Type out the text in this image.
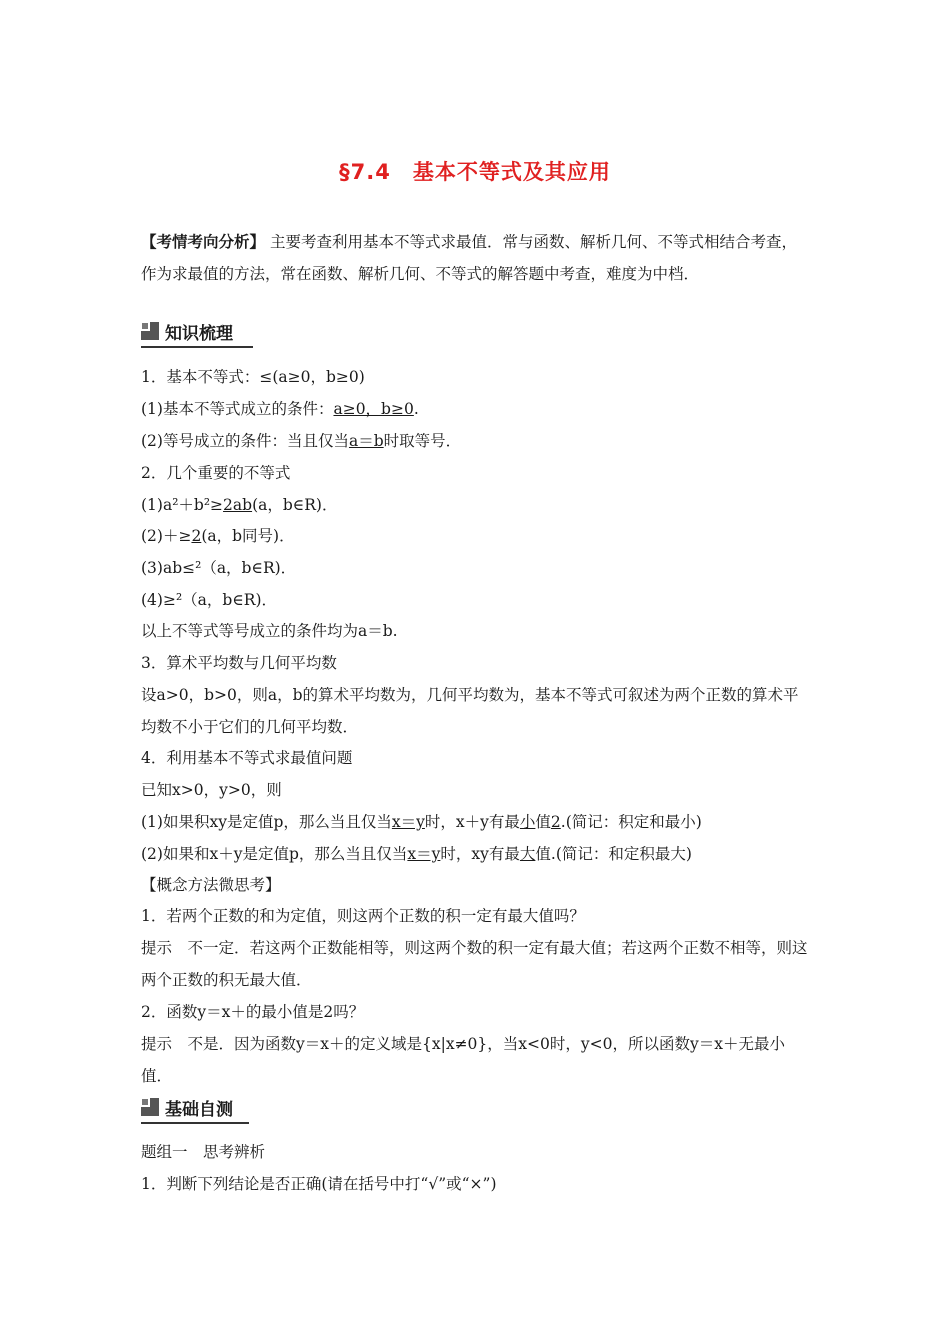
§7.4　基本不等式及其应用
【考情考向分析】 主要考查利用基本不等式求最值．常与函数、解析几何、不等式相结合考查，作为求最值的方法，常在函数、解析几何、不等式的解答题中考查，难度为中档．
知识梳理
1．基本不等式：≤(a≥0，b≥0)
(1)基本不等式成立的条件：a≥0，b≥0.
(2)等号成立的条件：当且仅当a＝b时取等号．
2．几个重要的不等式
(1)a²＋b²≥2ab(a，b∈R)．
(2)＋≥2(a，b同号)．
(3)ab≤²（a，b∈R)．
(4)≥²（a，b∈R)．
以上不等式等号成立的条件均为a＝b.
3．算术平均数与几何平均数
设a>0，b>0，则a，b的算术平均数为，几何平均数为，基本不等式可叙述为两个正数的算术平均数不小于它们的几何平均数．
4．利用基本不等式求最值问题
已知x>0，y>0，则
(1)如果积xy是定值p，那么当且仅当x＝y时，x＋y有最小值2.(简记：积定和最小)
(2)如果和x＋y是定值p，那么当且仅当x＝y时，xy有最大值.(简记：和定积最大)
【概念方法微思考】
1．若两个正数的和为定值，则这两个正数的积一定有最大值吗？
提示　不一定．若这两个正数能相等，则这两个数的积一定有最大值；若这两个正数不相等，则这两个正数的积无最大值．
2．函数y＝x＋的最小值是2吗？
提示　不是．因为函数y＝x＋的定义域是{x|x≠0}，当x<0时，y<0，所以函数y＝x＋无最小值．
基础自测
题组一　思考辨析
1．判断下列结论是否正确(请在括号中打“√”或“×”)
